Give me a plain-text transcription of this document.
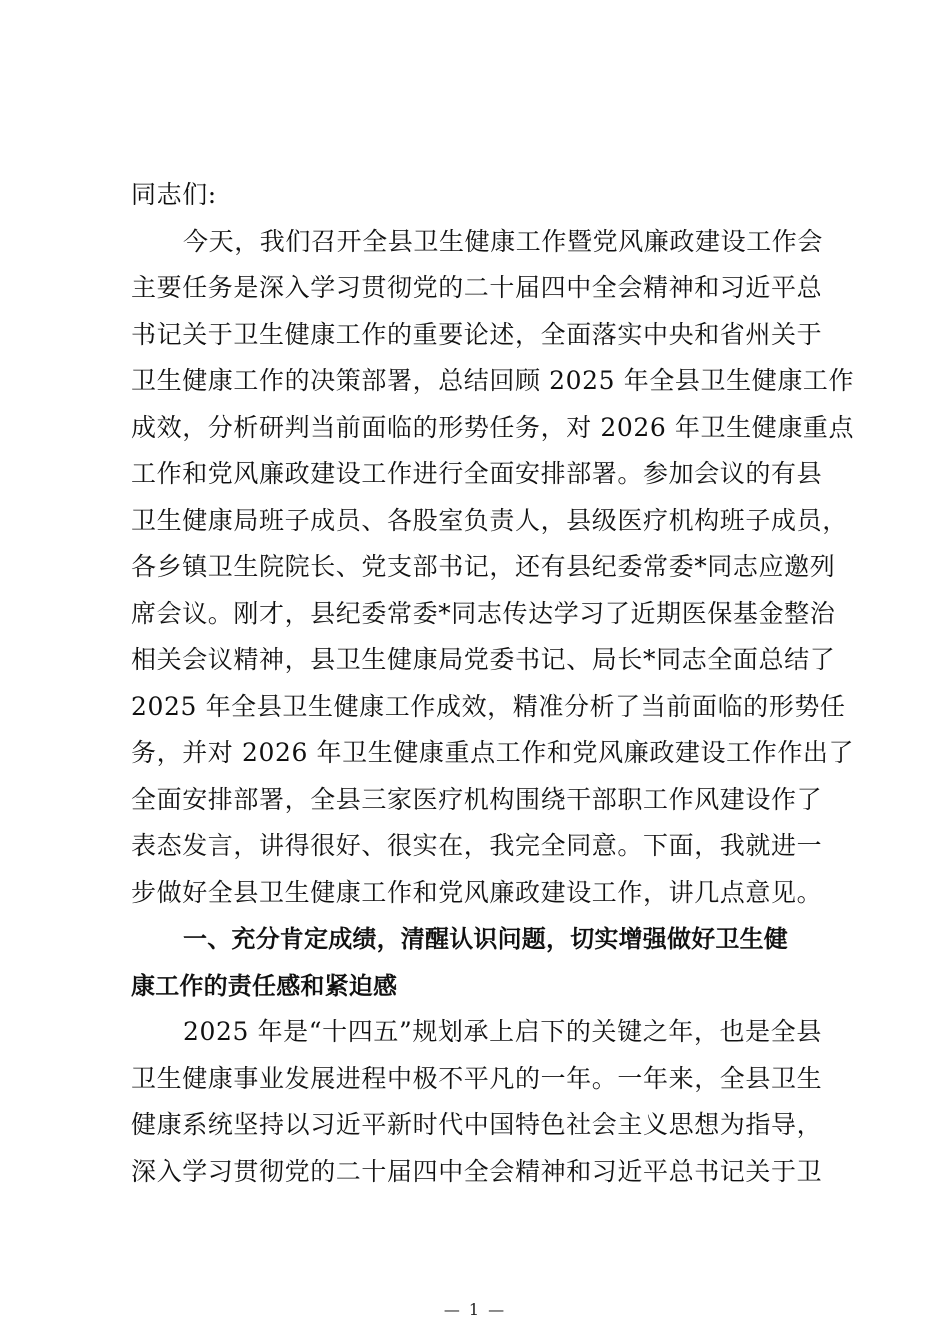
同志们:
今天，我们召开全县卫生健康工作暨党风廉政建设工作会
主要任务是深入学习贯彻党的二十届四中全会精神和习近平总
书记关于卫生健康工作的重要论述，全面落实中央和省州关于
卫生健康工作的决策部署，总结回顾 2025 年全县卫生健康工作
成效，分析研判当前面临的形势任务，对 2026 年卫生健康重点
工作和党风廉政建设工作进行全面安排部署。参加会议的有县
卫生健康局班子成员、各股室负责人，县级医疗机构班子成员，
各乡镇卫生院院长、党支部书记，还有县纪委常委*同志应邀列
席会议。刚才，县纪委常委*同志传达学习了近期医保基金整治
相关会议精神，县卫生健康局党委书记、局长*同志全面总结了
2025 年全县卫生健康工作成效，精准分析了当前面临的形势任
务，并对 2026 年卫生健康重点工作和党风廉政建设工作作出了
全面安排部署，全县三家医疗机构围绕干部职工作风建设作了
表态发言，讲得很好、很实在，我完全同意。下面，我就进一
步做好全县卫生健康工作和党风廉政建设工作，讲几点意见。
一、充分肯定成绩，清醒认识问题，切实增强做好卫生健
康工作的责任感和紧迫感
2025 年是“十四五”规划承上启下的关键之年，也是全县
卫生健康事业发展进程中极不平凡的一年。一年来，全县卫生
健康系统坚持以习近平新时代中国特色社会主义思想为指导，
深入学习贯彻党的二十届四中全会精神和习近平总书记关于卫
— 1 —
